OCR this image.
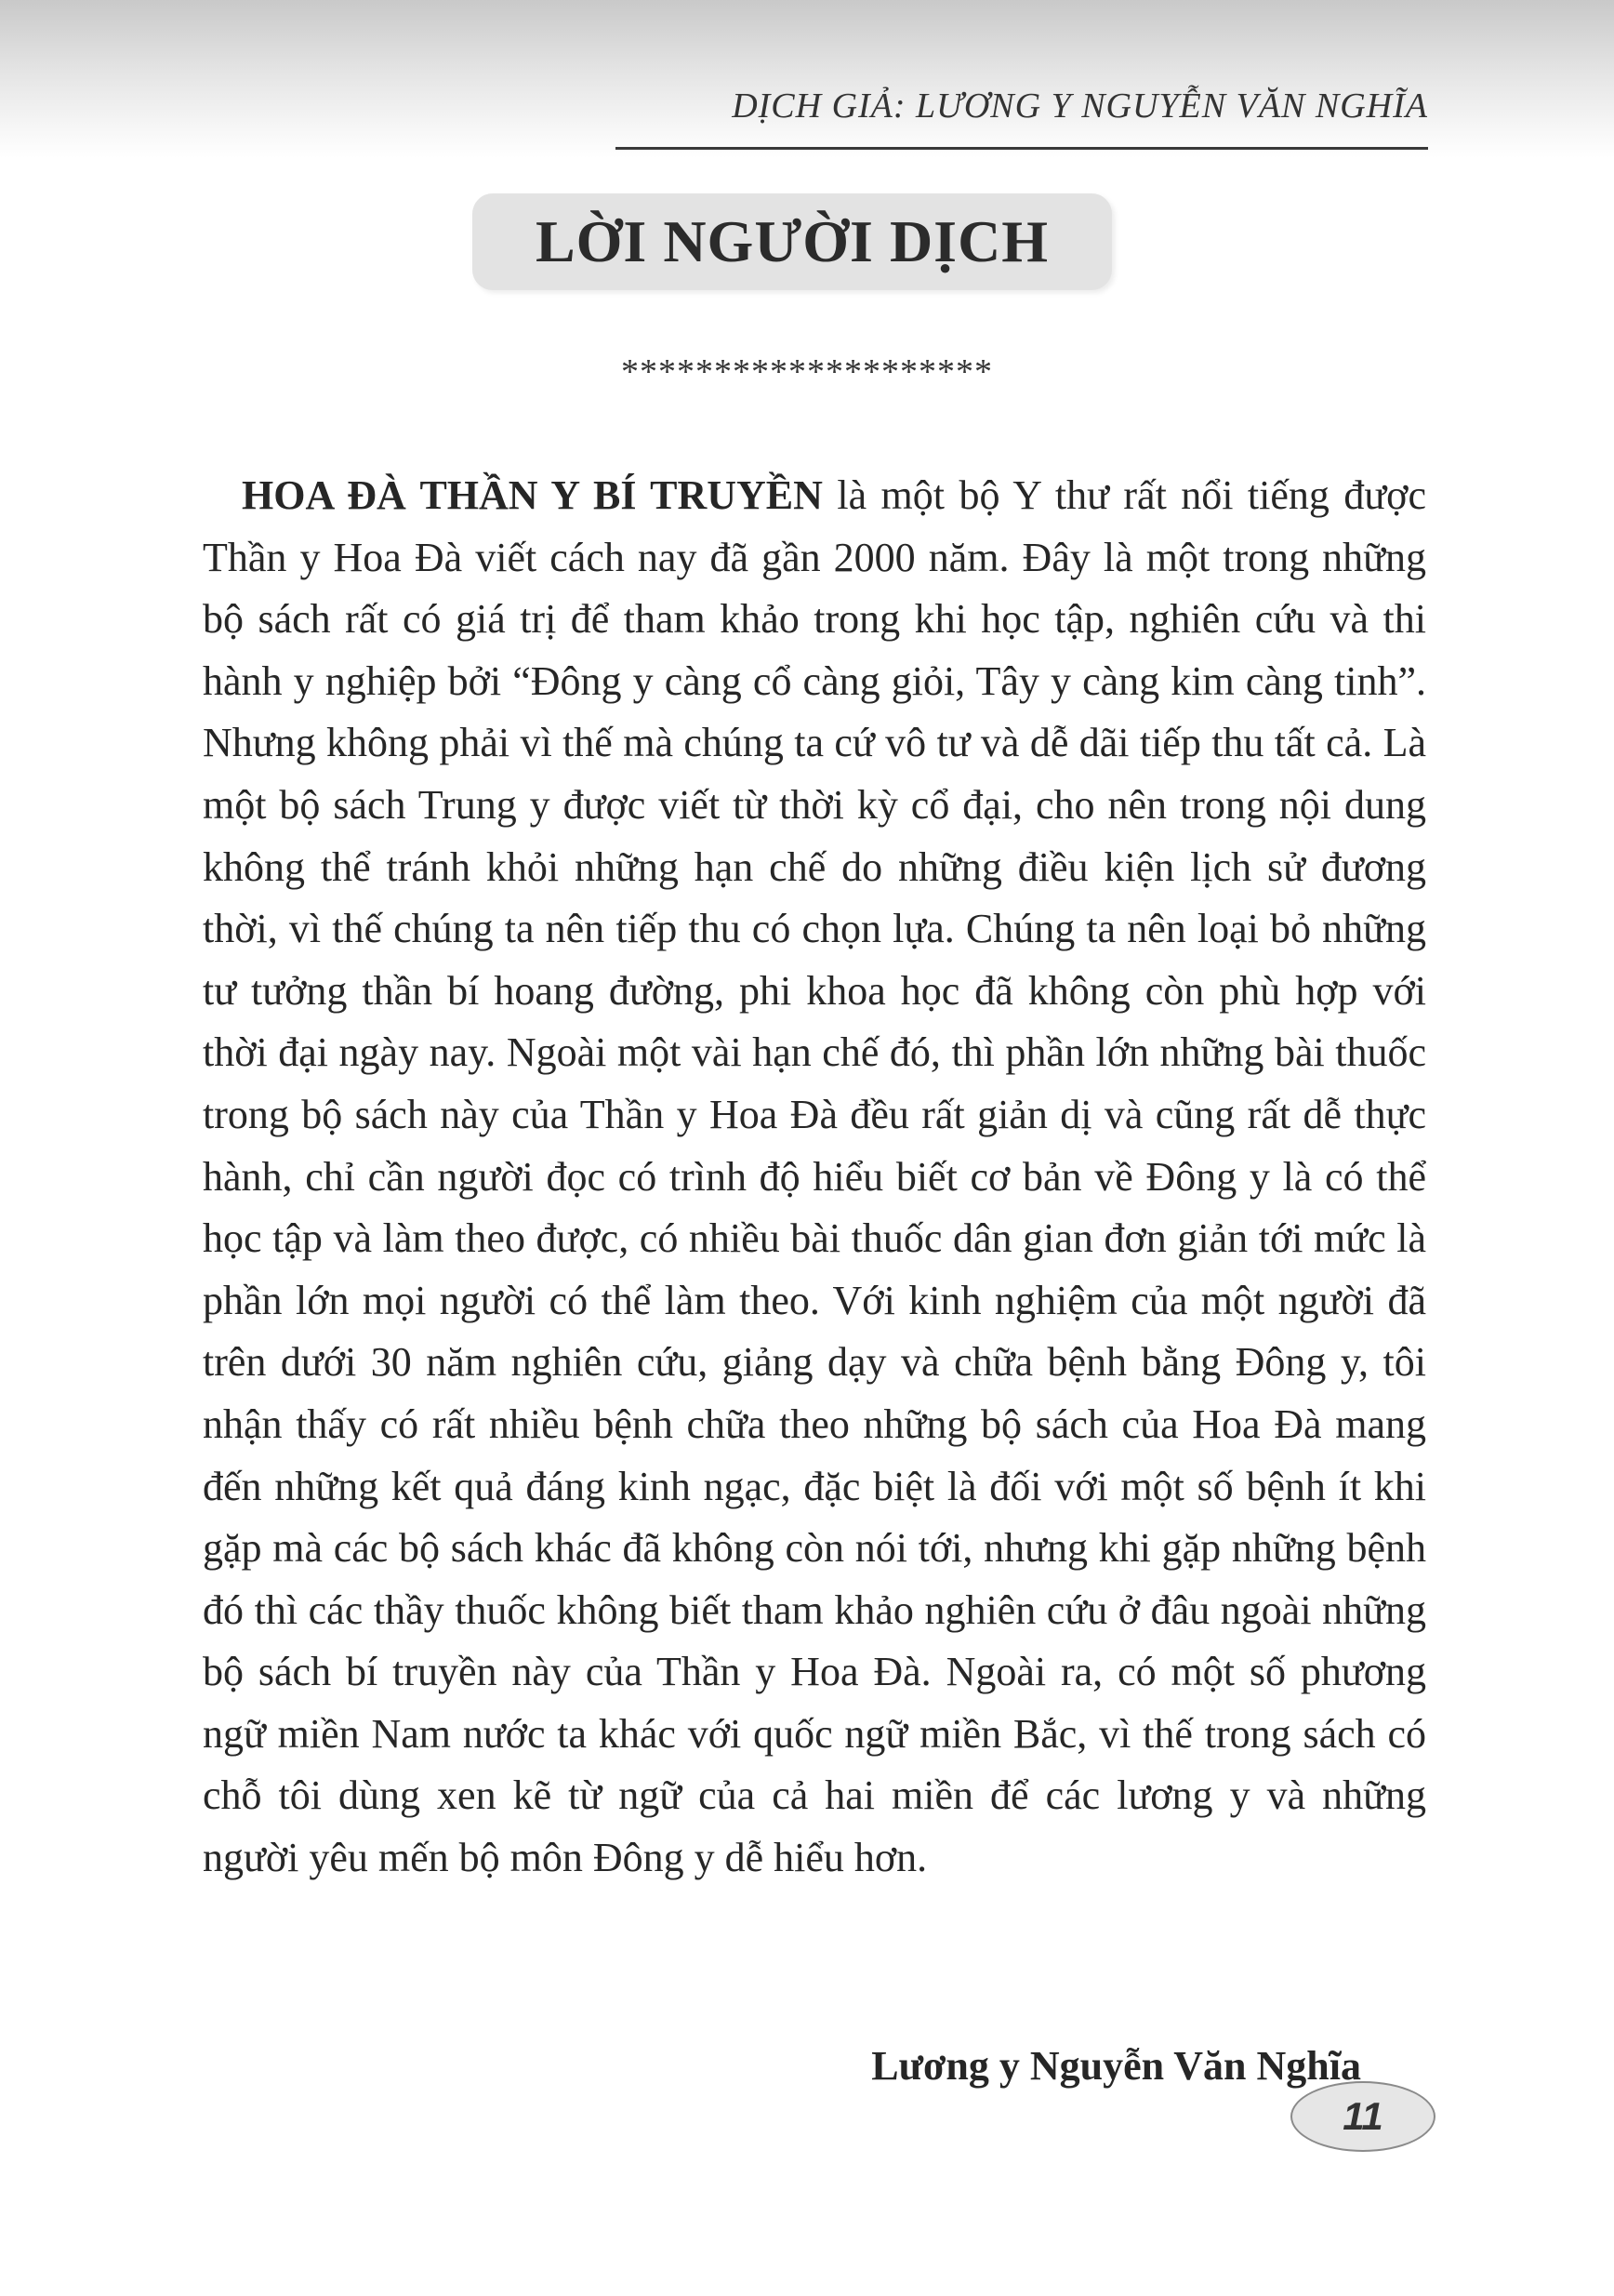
DỊCH GIẢ: LƯƠNG Y NGUYỄN VĂN NGHĨA
LỜI NGƯỜI DỊCH
********************

HOA ĐÀ THẦN Y BÍ TRUYỀN là một bộ Y thư rất nổi tiếng được Thần y Hoa Đà viết cách nay đã gần 2000 năm. Đây là một trong những bộ sách rất có giá trị để tham khảo trong khi học tập, nghiên cứu và thi hành y nghiệp bởi “Đông y càng cổ càng giỏi, Tây y càng kim càng tinh”. Nhưng không phải vì thế mà chúng ta cứ vô tư và dễ dãi tiếp thu tất cả. Là một bộ sách Trung y được viết từ thời kỳ cổ đại, cho nên trong nội dung không thể tránh khỏi những hạn chế do những điều kiện lịch sử đương thời, vì thế chúng ta nên tiếp thu có chọn lựa. Chúng ta nên loại bỏ những tư tưởng thần bí hoang đường, phi khoa học đã không còn phù hợp với thời đại ngày nay. Ngoài một vài hạn chế đó, thì phần lớn những bài thuốc trong bộ sách này của Thần y Hoa Đà đều rất giản dị và cũng rất dễ thực hành, chỉ cần người đọc có trình độ hiểu biết cơ bản về Đông y là có thể học tập và làm theo được, có nhiều bài thuốc dân gian đơn giản tới mức là phần lớn mọi người có thể làm theo. Với kinh nghiệm của một người đã trên dưới 30 năm nghiên cứu, giảng dạy và chữa bệnh bằng Đông y, tôi nhận thấy có rất nhiều bệnh chữa theo những bộ sách của Hoa Đà mang đến những kết quả đáng kinh ngạc, đặc biệt là đối với một số bệnh ít khi gặp mà các bộ sách khác đã không còn nói tới, nhưng khi gặp những bệnh đó thì các thầy thuốc không biết tham khảo nghiên cứu ở đâu ngoài những bộ sách bí truyền này của Thần y Hoa Đà. Ngoài ra, có một số phương ngữ miền Nam nước ta khác với quốc ngữ miền Bắc, vì thế trong sách có chỗ tôi dùng xen kẽ từ ngữ của cả hai miền để các lương y và những người yêu mến bộ môn Đông y dễ hiểu hơn.

Lương y Nguyễn Văn Nghĩa
11
